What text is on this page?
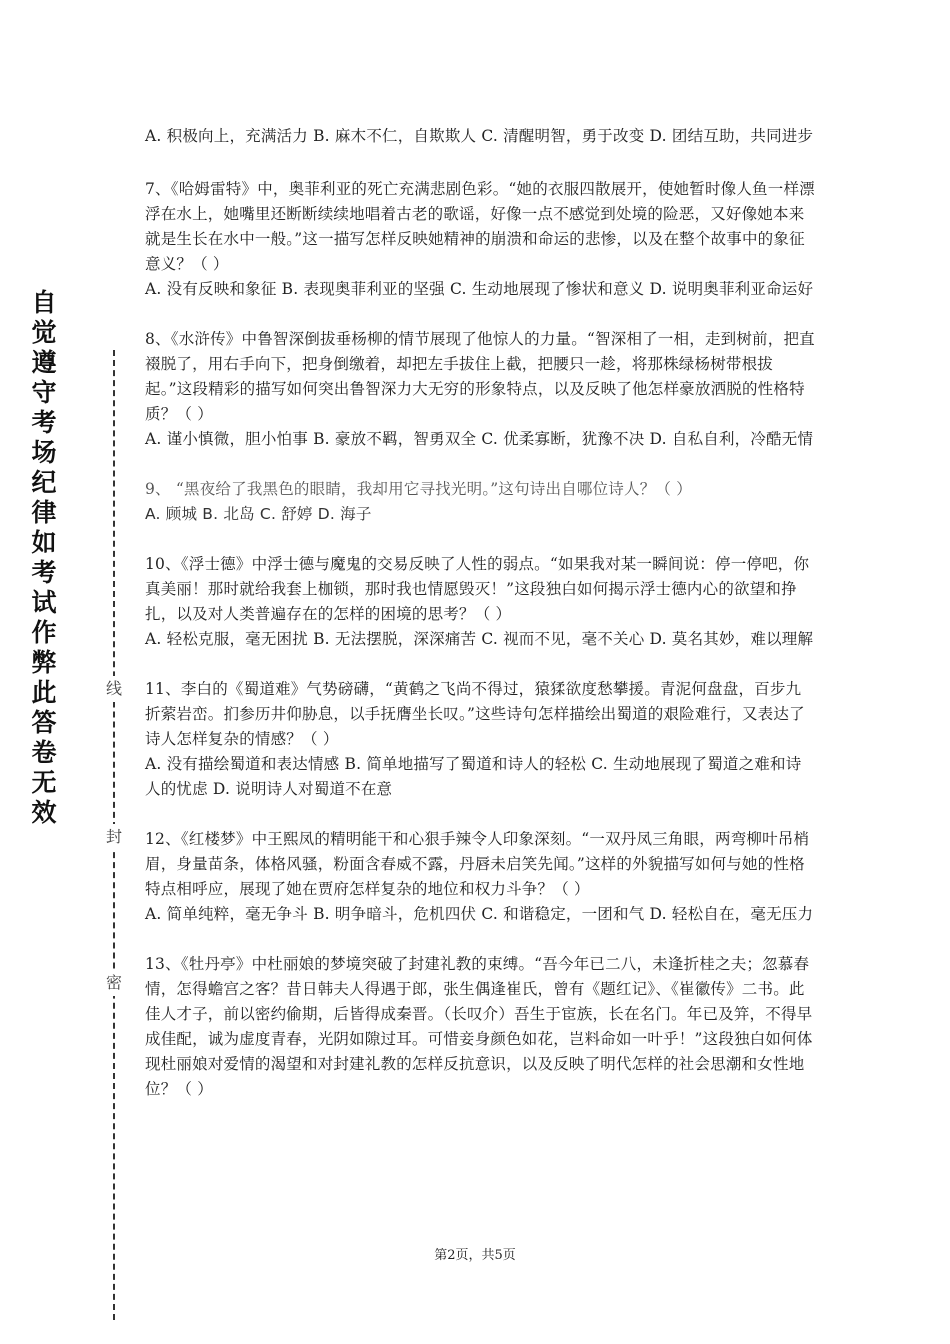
自觉遵守考场纪律如考试作弊此答卷无效
线
封
密
A. 积极向上，充满活力 B. 麻木不仁，自欺欺人 C. 清醒明智，勇于改变 D. 团结互助，共同进步
7、《哈姆雷特》中，奥菲利亚的死亡充满悲剧色彩。“她的衣服四散展开，使她暂时像人鱼一样漂浮在水上，她嘴里还断断续续地唱着古老的歌谣，好像一点不感觉到处境的险恶，又好像她本来就是生长在水中一般。”这一描写怎样反映她精神的崩溃和命运的悲惨，以及在整个故事中的象征意义？（ ）
A. 没有反映和象征 B. 表现奥菲利亚的坚强 C. 生动地展现了惨状和意义 D. 说明奥菲利亚命运好
8、《水浒传》中鲁智深倒拔垂杨柳的情节展现了他惊人的力量。“智深相了一相，走到树前，把直裰脱了，用右手向下，把身倒缴着，却把左手拔住上截，把腰只一趁，将那株绿杨树带根拔起。”这段精彩的描写如何突出鲁智深力大无穷的形象特点，以及反映了他怎样豪放洒脱的性格特质？（ ）
A. 谨小慎微，胆小怕事 B. 豪放不羁，智勇双全 C. 优柔寡断，犹豫不决 D. 自私自利，冷酷无情
9、 “黑夜给了我黑色的眼睛，我却用它寻找光明。”这句诗出自哪位诗人？（ ）
A. 顾城 B. 北岛 C. 舒婷 D. 海子
10、《浮士德》中浮士德与魔鬼的交易反映了人性的弱点。“如果我对某一瞬间说：停一停吧，你真美丽！那时就给我套上枷锁，那时我也情愿毁灭！”这段独白如何揭示浮士德内心的欲望和挣扎，以及对人类普遍存在的怎样的困境的思考？（ ）
A. 轻松克服，毫无困扰 B. 无法摆脱，深深痛苦 C. 视而不见，毫不关心 D. 莫名其妙，难以理解
11、李白的《蜀道难》气势磅礴，“黄鹤之飞尚不得过，猿猱欲度愁攀援。青泥何盘盘，百步九折萦岩峦。扪参历井仰胁息，以手抚膺坐长叹。”这些诗句怎样描绘出蜀道的艰险难行，又表达了诗人怎样复杂的情感？（ ）
A. 没有描绘蜀道和表达情感 B. 简单地描写了蜀道和诗人的轻松 C. 生动地展现了蜀道之难和诗人的忧虑 D. 说明诗人对蜀道不在意
12、《红楼梦》中王熙凤的精明能干和心狠手辣令人印象深刻。“一双丹凤三角眼，两弯柳叶吊梢眉，身量苗条，体格风骚，粉面含春威不露，丹唇未启笑先闻。”这样的外貌描写如何与她的性格特点相呼应，展现了她在贾府怎样复杂的地位和权力斗争？（ ）
A. 简单纯粹，毫无争斗 B. 明争暗斗，危机四伏 C. 和谐稳定，一团和气 D. 轻松自在，毫无压力
13、《牡丹亭》中杜丽娘的梦境突破了封建礼教的束缚。“吾今年已二八，未逢折桂之夫；忽慕春情，怎得蟾宫之客？昔日韩夫人得遇于郎，张生偶逢崔氏，曾有《题红记》、《崔徽传》二书。此佳人才子，前以密约偷期，后皆得成秦晋。（长叹介）吾生于宦族，长在名门。年已及笄，不得早成佳配，诚为虚度青春，光阴如隙过耳。可惜妾身颜色如花，岂料命如一叶乎！”这段独白如何体现杜丽娘对爱情的渴望和对封建礼教的怎样反抗意识，以及反映了明代怎样的社会思潮和女性地位？（ ）
第2页，共5页
